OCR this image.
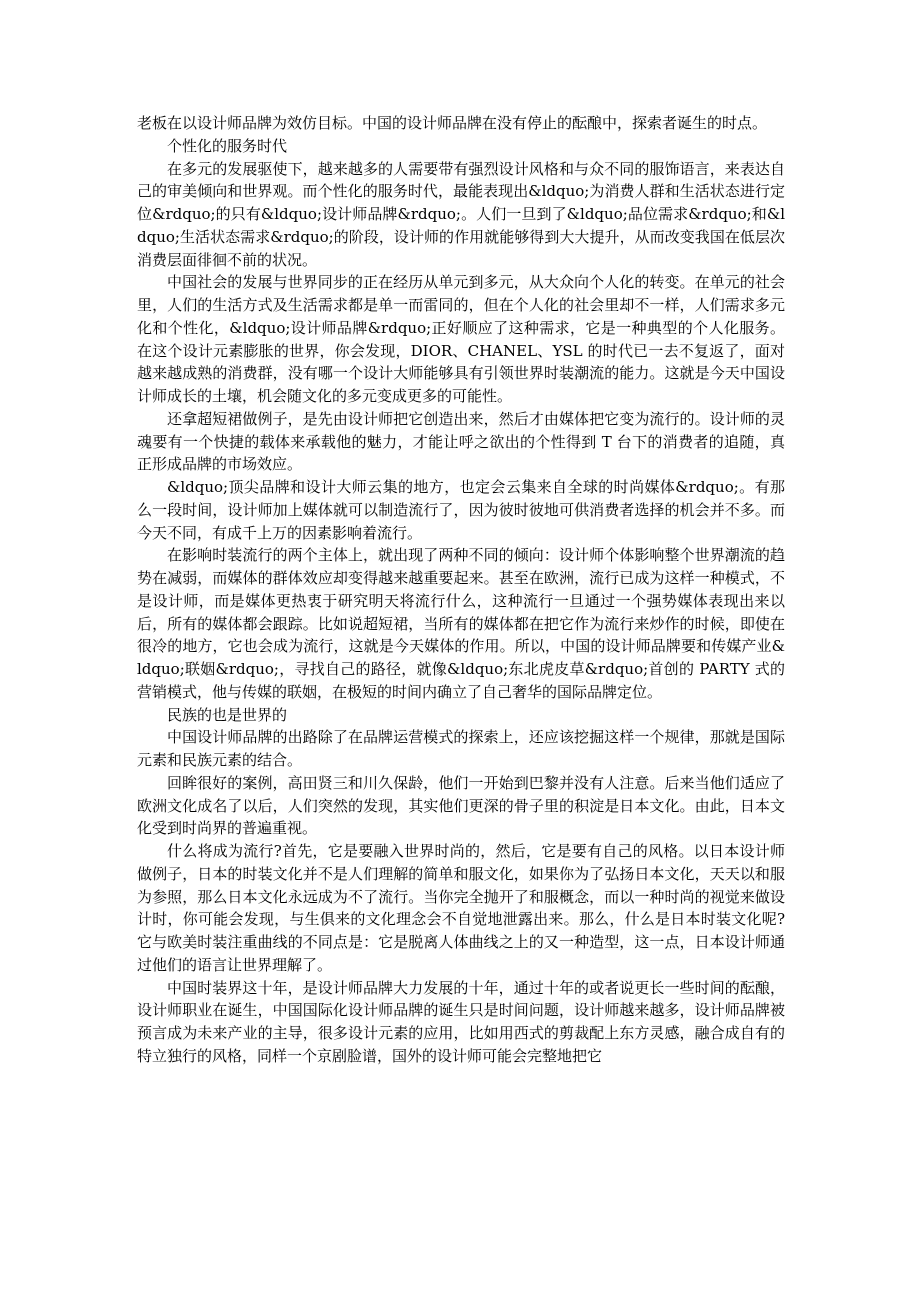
老板在以设计师品牌为效仿目标。中国的设计师品牌在没有停止的酝酿中，探索者诞生的时点。

个性化的服务时代

在多元的发展驱使下，越来越多的人需要带有强烈设计风格和与众不同的服饰语言，来表达自己的审美倾向和世界观。而个性化的服务时代，最能表现出&ldquo;为消费人群和生活状态进行定位&rdquo;的只有&ldquo;设计师品牌&rdquo;。人们一旦到了&ldquo;品位需求&rdquo;和&ldquo;生活状态需求&rdquo;的阶段，设计师的作用就能够得到大大提升，从而改变我国在低层次消费层面徘徊不前的状况。

中国社会的发展与世界同步的正在经历从单元到多元，从大众向个人化的转变。在单元的社会里，人们的生活方式及生活需求都是单一而雷同的，但在个人化的社会里却不一样，人们需求多元化和个性化，&ldquo;设计师品牌&rdquo;正好顺应了这种需求，它是一种典型的个人化服务。在这个设计元素膨胀的世界，你会发现，DIOR、CHANEL、YSL 的时代已一去不复返了，面对越来越成熟的消费群，没有哪一个设计大师能够具有引领世界时装潮流的能力。这就是今天中国设计师成长的土壤，机会随文化的多元变成更多的可能性。

还拿超短裙做例子，是先由设计师把它创造出来，然后才由媒体把它变为流行的。设计师的灵魂要有一个快捷的载体来承载他的魅力，才能让呼之欲出的个性得到 T 台下的消费者的追随，真正形成品牌的市场效应。

&ldquo;顶尖品牌和设计大师云集的地方，也定会云集来自全球的时尚媒体&rdquo;。有那么一段时间，设计师加上媒体就可以制造流行了，因为彼时彼地可供消费者选择的机会并不多。而今天不同，有成千上万的因素影响着流行。

在影响时装流行的两个主体上，就出现了两种不同的倾向：设计师个体影响整个世界潮流的趋势在减弱，而媒体的群体效应却变得越来越重要起来。甚至在欧洲，流行已成为这样一种模式，不是设计师，而是媒体更热衷于研究明天将流行什么，这种流行一旦通过一个强势媒体表现出来以后，所有的媒体都会跟踪。比如说超短裙，当所有的媒体都在把它作为流行来炒作的时候，即使在很冷的地方，它也会成为流行，这就是今天媒体的作用。所以，中国的设计师品牌要和传媒产业&ldquo;联姻&rdquo;，寻找自己的路径，就像&ldquo;东北虎皮草&rdquo;首创的 PARTY 式的营销模式，他与传媒的联姻，在极短的时间内确立了自己奢华的国际品牌定位。

民族的也是世界的

中国设计师品牌的出路除了在品牌运营模式的探索上，还应该挖掘这样一个规律，那就是国际元素和民族元素的结合。

回眸很好的案例，高田贤三和川久保龄，他们一开始到巴黎并没有人注意。后来当他们适应了欧洲文化成名了以后，人们突然的发现，其实他们更深的骨子里的积淀是日本文化。由此，日本文化受到时尚界的普遍重视。

什么将成为流行?首先，它是要融入世界时尚的，然后，它是要有自己的风格。以日本设计师做例子，日本的时装文化并不是人们理解的简单和服文化，如果你为了弘扬日本文化，天天以和服为参照，那么日本文化永远成为不了流行。当你完全抛开了和服概念，而以一种时尚的视觉来做设计时，你可能会发现，与生俱来的文化理念会不自觉地泄露出来。那么，什么是日本时装文化呢?它与欧美时装注重曲线的不同点是：它是脱离人体曲线之上的又一种造型，这一点，日本设计师通过他们的语言让世界理解了。

中国时装界这十年，是设计师品牌大力发展的十年，通过十年的或者说更长一些时间的酝酿，设计师职业在诞生，中国国际化设计师品牌的诞生只是时间问题，设计师越来越多，设计师品牌被预言成为未来产业的主导，很多设计元素的应用，比如用西式的剪裁配上东方灵感，融合成自有的特立独行的风格，同样一个京剧脸谱，国外的设计师可能会完整地把它
